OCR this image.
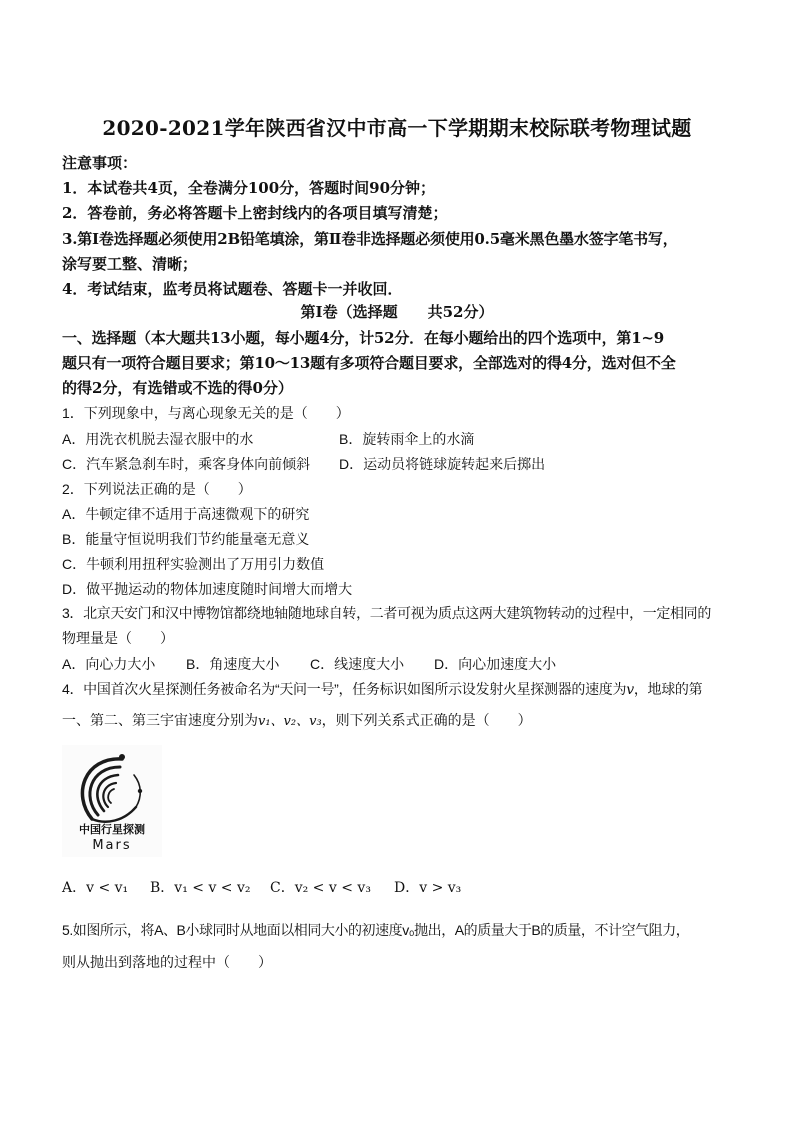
2020-2021学年陕西省汉中市高一下学期期末校际联考物理试题
注意事项：
1．本试卷共4页，全卷满分100分，答题时间90分钟；
2．答卷前，务必将答题卡上密封线内的各项目填写清楚；
3.第Ⅰ卷选择题必须使用2B铅笔填涂，第Ⅱ卷非选择题必须使用0.5毫米黑色墨水签字笔书写，
涂写要工整、清晰；
4．考试结束，监考员将试题卷、答题卡一并收回．
第Ⅰ卷（选择题　　共52分）
一、选择题（本大题共13小题，每小题4分，计52分．在每小题给出的四个选项中，第1~9
题只有一项符合题目要求；第10～13题有多项符合题目要求，全部选对的得4分，选对但不全
的得2分，有选错或不选的得0分）
1．下列现象中，与离心现象无关的是（　　）
A．用洗衣机脱去湿衣服中的水	B．旋转雨伞上的水滴
C．汽车紧急刹车时，乘客身体向前倾斜 D．运动员将链球旋转起来后掷出
2．下列说法正确的是（　　）
A．牛顿定律不适用于高速微观下的研究
B．能量守恒说明我们节约能量毫无意义
C．牛顿利用扭秤实验测出了万用引力数值
D．做平抛运动的物体加速度随时间增大而增大
3．北京天安门和汉中博物馆都绕地轴随地球自转，二者可视为质点这两大建筑物转动的过程中，一定相同的
物理量是（　　）
A．向心力大小 B．角速度大小 C．线速度大小 D．向心加速度大小
4．中国首次火星探测任务被命名为“天问一号”，任务标识如图所示设发射火星探测器的速度为v，地球的第
一、第二、第三宇宙速度分别为v₁、v₂、v₃，则下列关系式正确的是（　　）
中国行星探测
Mars
A．v < v₁ B．v₁ < v < v₂ C．v₂ < v < v₃ D．v > v₃
5.如图所示，将A、B小球同时从地面以相同大小的初速度v₀抛出，A的质量大于B的质量，不计空气阻力，
则从抛出到落地的过程中（　　）
